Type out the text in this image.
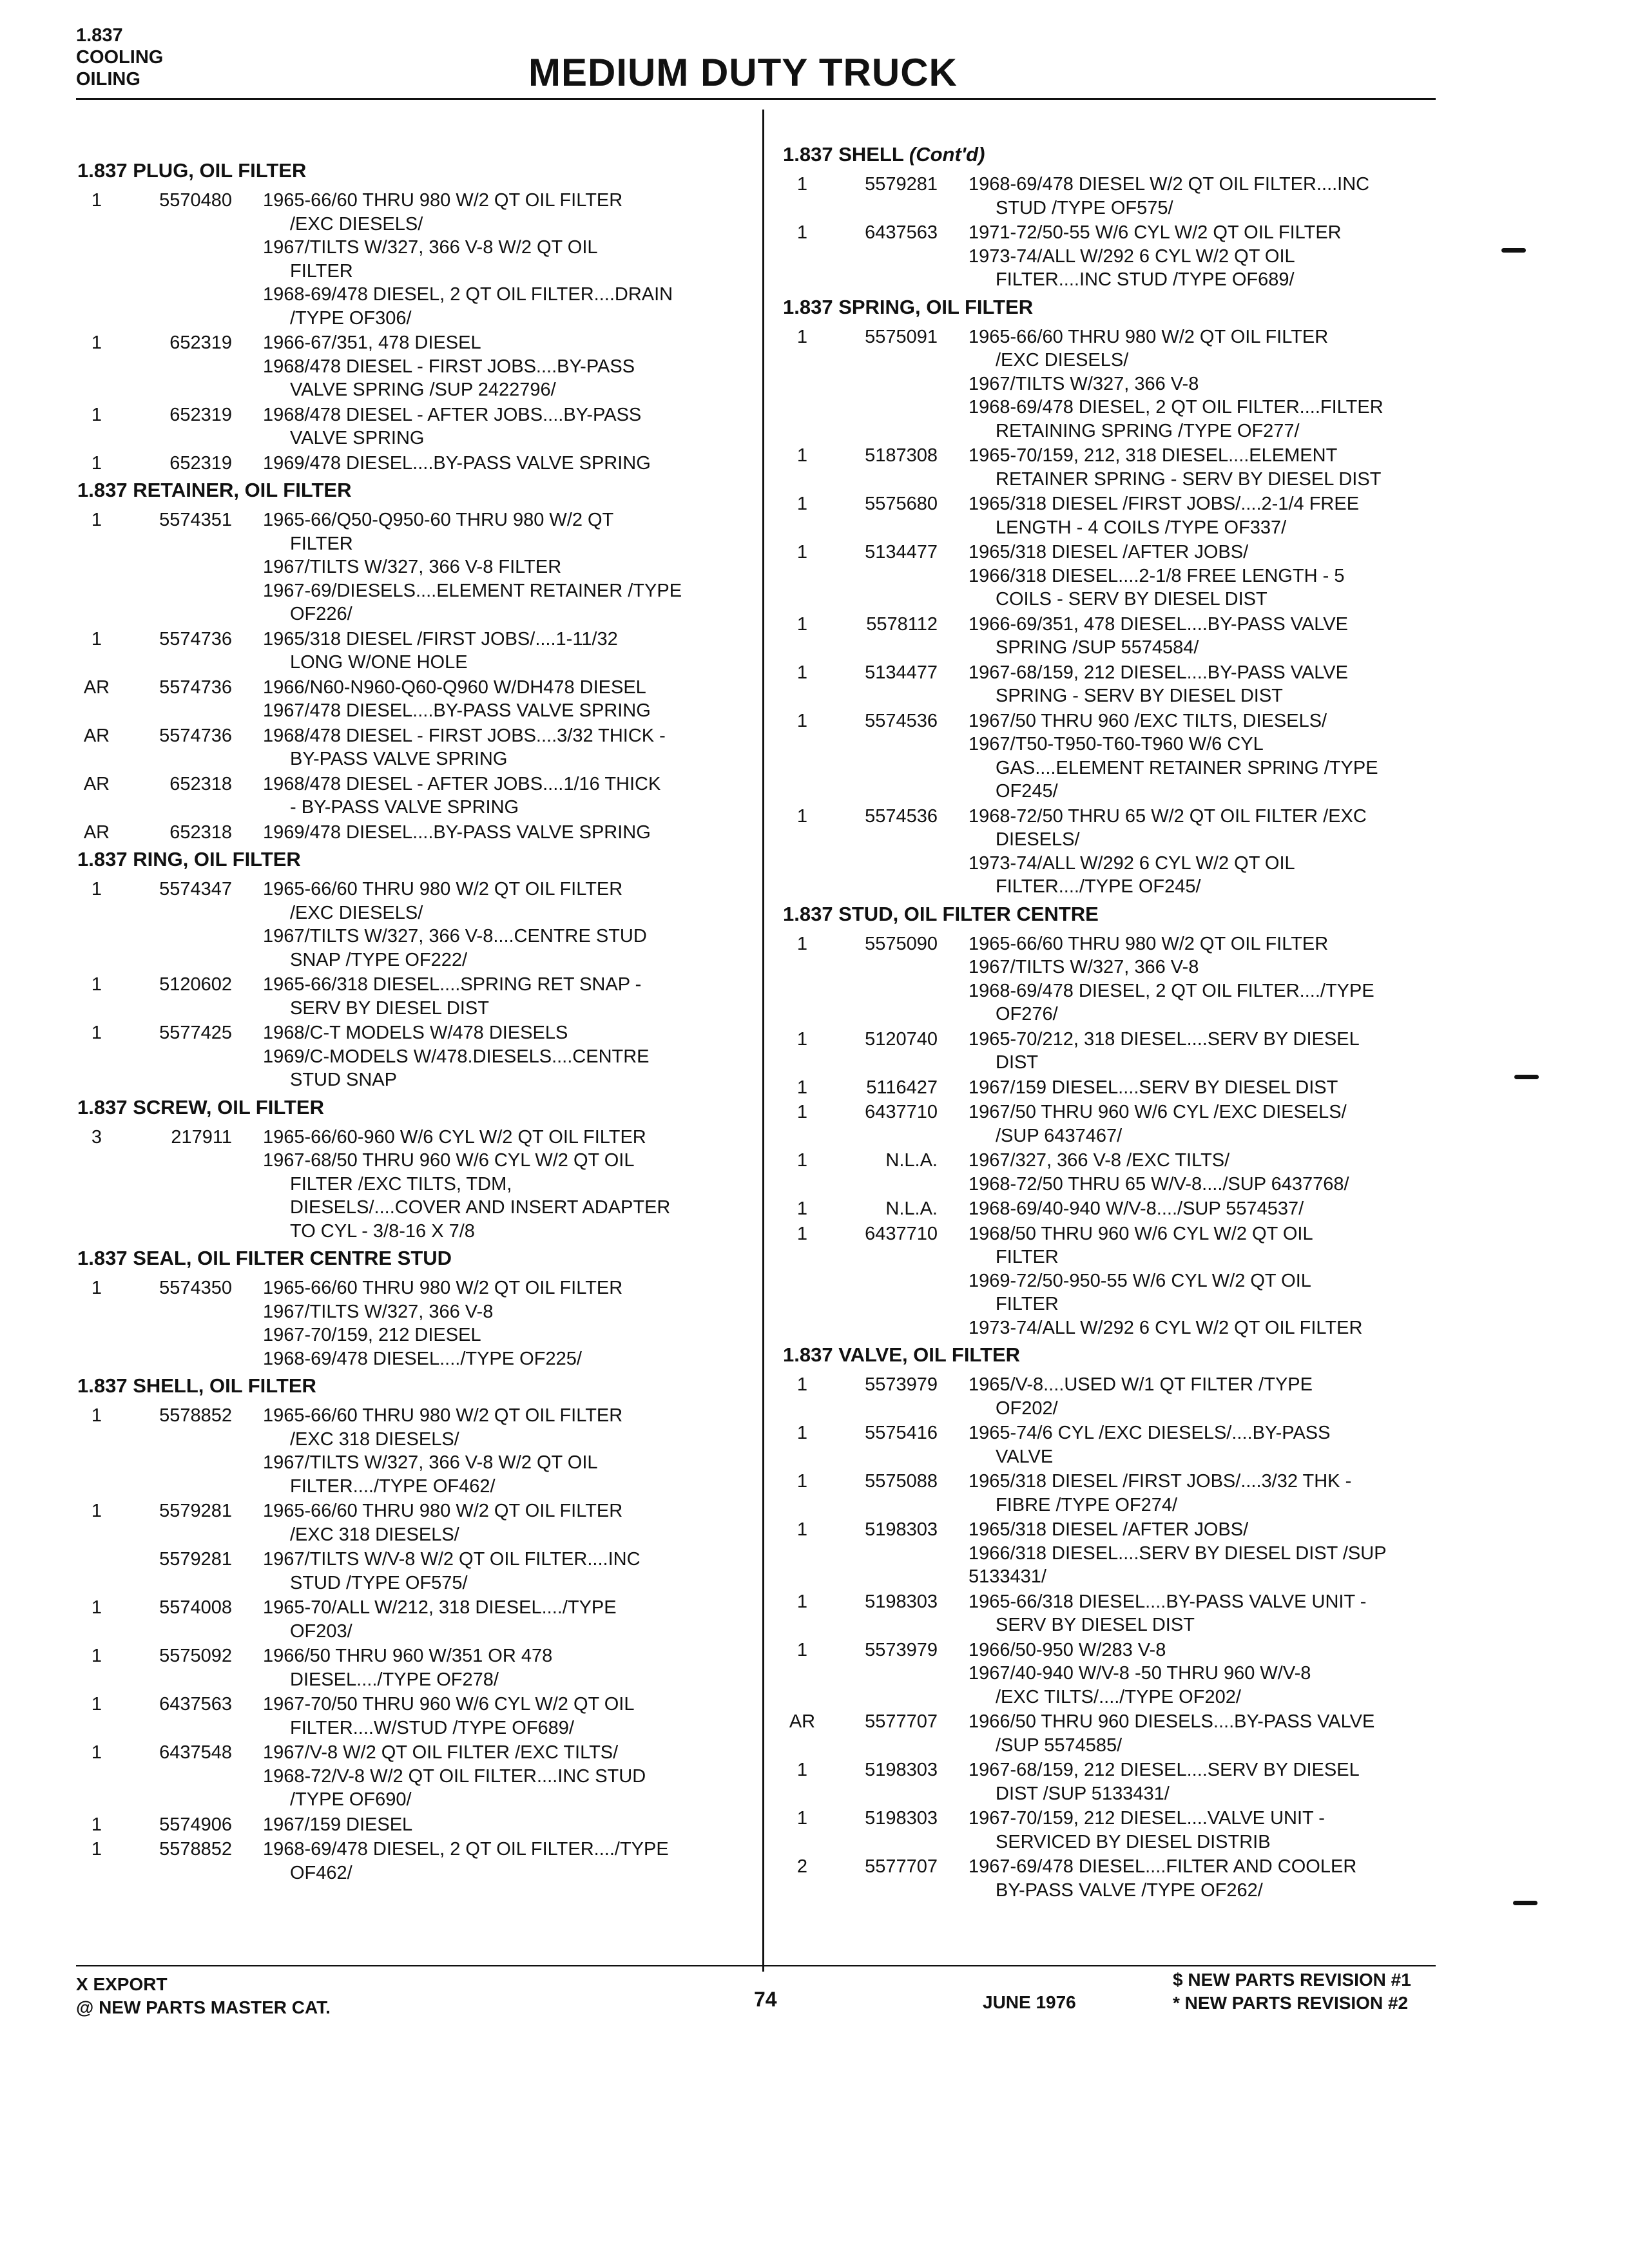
1.837
COOLING
OILING	MEDIUM DUTY TRUCK
1.837 PLUG, OIL FILTER
1	5570480	1965-66/60 THRU 980 W/2 QT OIL FILTER
/EXC DIESELS/
1967/TILTS W/327, 366 V-8 W/2 QT OIL
FILTER
1968-69/478 DIESEL, 2 QT OIL FILTER....DRAIN
/TYPE OF306/
1	652319	1966-67/351, 478 DIESEL
1968/478 DIESEL - FIRST JOBS....BY-PASS
VALVE SPRING /SUP 2422796/
1	652319	1968/478 DIESEL - AFTER JOBS....BY-PASS
VALVE SPRING
1	652319	1969/478 DIESEL....BY-PASS VALVE SPRING
1.837 RETAINER, OIL FILTER
1	5574351	1965-66/Q50-Q950-60 THRU 980 W/2 QT
FILTER
1967/TILTS W/327, 366 V-8 FILTER
1967-69/DIESELS....ELEMENT RETAINER /TYPE
OF226/
1	5574736	1965/318 DIESEL /FIRST JOBS/....1-11/32
LONG W/ONE HOLE
AR	5574736	1966/N60-N960-Q60-Q960 W/DH478 DIESEL
1967/478 DIESEL....BY-PASS VALVE SPRING
AR	5574736	1968/478 DIESEL - FIRST JOBS....3/32 THICK -
BY-PASS VALVE SPRING
AR	652318	1968/478 DIESEL - AFTER JOBS....1/16 THICK
- BY-PASS VALVE SPRING
AR	652318	1969/478 DIESEL....BY-PASS VALVE SPRING
1.837 RING, OIL FILTER
1	5574347	1965-66/60 THRU 980 W/2 QT OIL FILTER
/EXC DIESELS/
1967/TILTS W/327, 366 V-8....CENTRE STUD
SNAP /TYPE OF222/
1	5120602	1965-66/318 DIESEL....SPRING RET SNAP -
SERV BY DIESEL DIST
1	5577425	1968/C-T MODELS W/478 DIESELS
1969/C-MODELS W/478.DIESELS....CENTRE
STUD SNAP
1.837 SCREW, OIL FILTER
3	217911	1965-66/60-960 W/6 CYL W/2 QT OIL FILTER
1967-68/50 THRU 960 W/6 CYL W/2 QT OIL
FILTER /EXC TILTS, TDM,
DIESELS/....COVER AND INSERT ADAPTER
TO CYL - 3/8-16 X 7/8
1.837 SEAL, OIL FILTER CENTRE STUD
1	5574350	1965-66/60 THRU 980 W/2 QT OIL FILTER
1967/TILTS W/327, 366 V-8
1967-70/159, 212 DIESEL
1968-69/478 DIESEL..../TYPE OF225/
1.837 SHELL, OIL FILTER
1	5578852	1965-66/60 THRU 980 W/2 QT OIL FILTER
/EXC 318 DIESELS/
1967/TILTS W/327, 366 V-8 W/2 QT OIL
FILTER..../TYPE OF462/
1	5579281	1965-66/60 THRU 980 W/2 QT OIL FILTER
/EXC 318 DIESELS/
5579281	1967/TILTS W/V-8 W/2 QT OIL FILTER....INC
STUD /TYPE OF575/
1	5574008	1965-70/ALL W/212, 318 DIESEL..../TYPE
OF203/
1	5575092	1966/50 THRU 960 W/351 OR 478
DIESEL..../TYPE OF278/
1	6437563	1967-70/50 THRU 960 W/6 CYL W/2 QT OIL
FILTER....W/STUD /TYPE OF689/
1	6437548	1967/V-8 W/2 QT OIL FILTER /EXC TILTS/
1968-72/V-8 W/2 QT OIL FILTER....INC STUD
/TYPE OF690/
1	5574906	1967/159 DIESEL
1	5578852	1968-69/478 DIESEL, 2 QT OIL FILTER..../TYPE
OF462/
1.837 SHELL (Cont'd)
1	5579281	1968-69/478 DIESEL W/2 QT OIL FILTER....INC
STUD /TYPE OF575/
1	6437563	1971-72/50-55 W/6 CYL W/2 QT OIL FILTER
1973-74/ALL W/292 6 CYL W/2 QT OIL
FILTER....INC STUD /TYPE OF689/
1.837 SPRING, OIL FILTER
1	5575091	1965-66/60 THRU 980 W/2 QT OIL FILTER
/EXC DIESELS/
1967/TILTS W/327, 366 V-8
1968-69/478 DIESEL, 2 QT OIL FILTER....FILTER
RETAINING SPRING /TYPE OF277/
1	5187308	1965-70/159, 212, 318 DIESEL....ELEMENT
RETAINER SPRING - SERV BY DIESEL DIST
1	5575680	1965/318 DIESEL /FIRST JOBS/....2-1/4 FREE
LENGTH - 4 COILS /TYPE OF337/
1	5134477	1965/318 DIESEL /AFTER JOBS/
1966/318 DIESEL....2-1/8 FREE LENGTH - 5
COILS - SERV BY DIESEL DIST
1	5578112	1966-69/351, 478 DIESEL....BY-PASS VALVE
SPRING /SUP 5574584/
1	5134477	1967-68/159, 212 DIESEL....BY-PASS VALVE
SPRING - SERV BY DIESEL DIST
1	5574536	1967/50 THRU 960 /EXC TILTS, DIESELS/
1967/T50-T950-T60-T960 W/6 CYL
GAS....ELEMENT RETAINER SPRING /TYPE
OF245/
1	5574536	1968-72/50 THRU 65 W/2 QT OIL FILTER /EXC
DIESELS/
1973-74/ALL W/292 6 CYL W/2 QT OIL
FILTER..../TYPE OF245/
1.837 STUD, OIL FILTER CENTRE
1	5575090	1965-66/60 THRU 980 W/2 QT OIL FILTER
1967/TILTS W/327, 366 V-8
1968-69/478 DIESEL, 2 QT OIL FILTER..../TYPE
OF276/
1	5120740	1965-70/212, 318 DIESEL....SERV BY DIESEL
DIST
1	5116427	1967/159 DIESEL....SERV BY DIESEL DIST
1	6437710	1967/50 THRU 960 W/6 CYL /EXC DIESELS/
/SUP 6437467/
1	N.L.A.	1967/327, 366 V-8 /EXC TILTS/
1968-72/50 THRU 65 W/V-8..../SUP 6437768/
1	N.L.A.	1968-69/40-940 W/V-8..../SUP 5574537/
1	6437710	1968/50 THRU 960 W/6 CYL W/2 QT OIL
FILTER
1969-72/50-950-55 W/6 CYL W/2 QT OIL
FILTER
1973-74/ALL W/292 6 CYL W/2 QT OIL FILTER
1.837 VALVE, OIL FILTER
1	5573979	1965/V-8....USED W/1 QT FILTER /TYPE
OF202/
1	5575416	1965-74/6 CYL /EXC DIESELS/....BY-PASS
VALVE
1	5575088	1965/318 DIESEL /FIRST JOBS/....3/32 THK -
FIBRE /TYPE OF274/
1	5198303	1965/318 DIESEL /AFTER JOBS/
1966/318 DIESEL....SERV BY DIESEL DIST /SUP
5133431/
1	5198303	1965-66/318 DIESEL....BY-PASS VALVE UNIT -
SERV BY DIESEL DIST
1	5573979	1966/50-950 W/283 V-8
1967/40-940 W/V-8 -50 THRU 960 W/V-8
/EXC TILTS/..../TYPE OF202/
AR	5577707	1966/50 THRU 960 DIESELS....BY-PASS VALVE
/SUP 5574585/
1	5198303	1967-68/159, 212 DIESEL....SERV BY DIESEL
DIST /SUP 5133431/
1	5198303	1967-70/159, 212 DIESEL....VALVE UNIT -
SERVICED BY DIESEL DISTRIB
2	5577707	1967-69/478 DIESEL....FILTER AND COOLER
BY-PASS VALVE /TYPE OF262/
X EXPORT
@ NEW PARTS MASTER CAT.	74	JUNE 1976
$ NEW PARTS REVISION #1
* NEW PARTS REVISION #2
